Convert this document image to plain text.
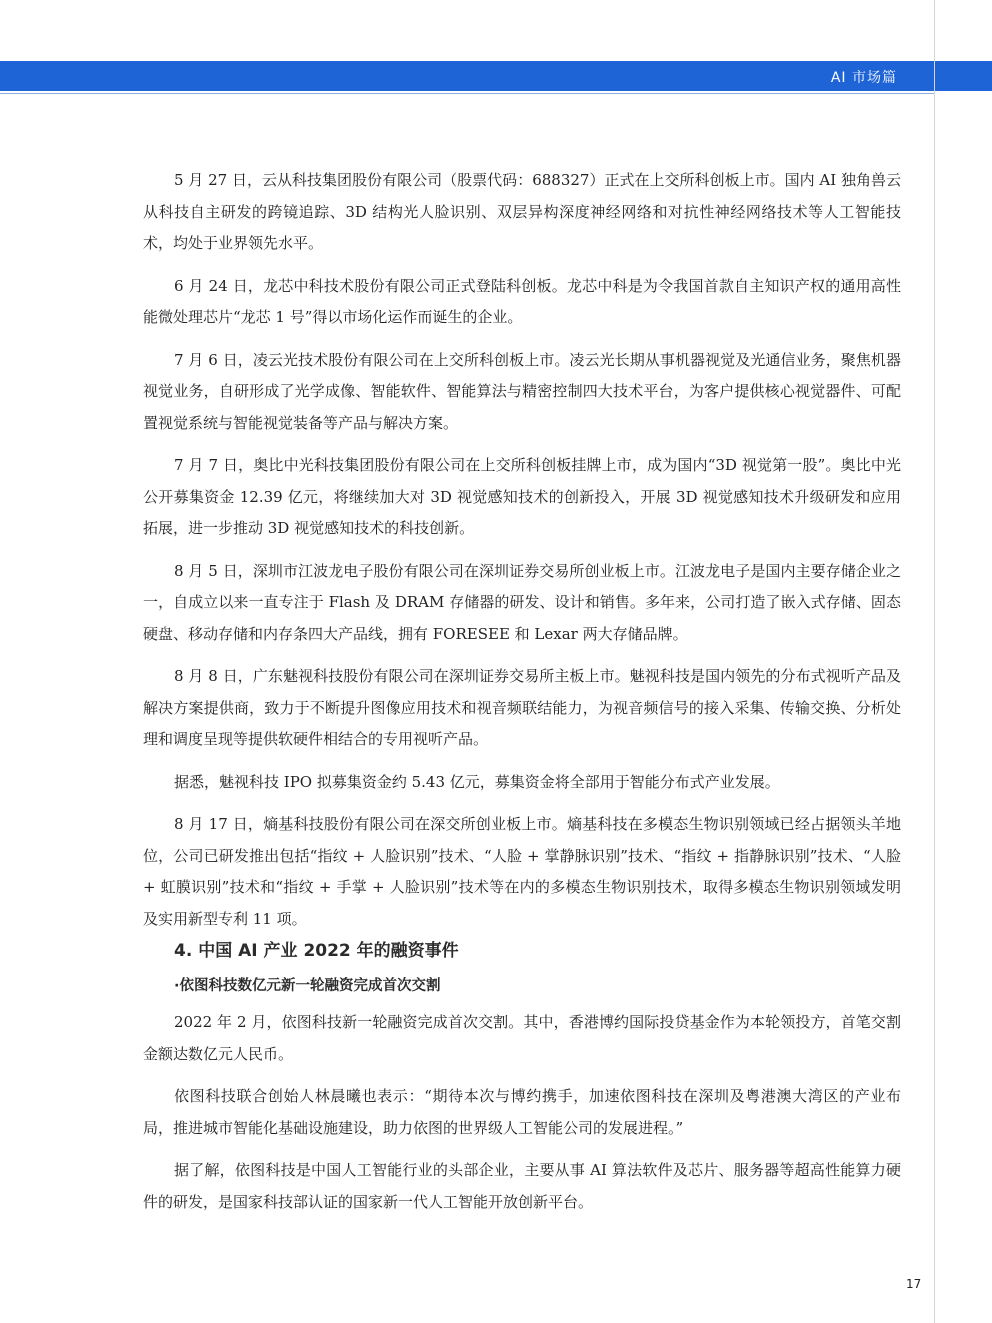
AI 市场篇

5 月 27 日，云从科技集团股份有限公司（股票代码：688327）正式在上交所科创板上市。国内 AI 独角兽云从科技自主研发的跨镜追踪、3D 结构光人脸识别、双层异构深度神经网络和对抗性神经网络技术等人工智能技术，均处于业界领先水平。

6 月 24 日，龙芯中科技术股份有限公司正式登陆科创板。龙芯中科是为令我国首款自主知识产权的通用高性能微处理芯片“龙芯 1 号”得以市场化运作而诞生的企业。

7 月 6 日，凌云光技术股份有限公司在上交所科创板上市。凌云光长期从事机器视觉及光通信业务，聚焦机器视觉业务，自研形成了光学成像、智能软件、智能算法与精密控制四大技术平台，为客户提供核心视觉器件、可配置视觉系统与智能视觉装备等产品与解决方案。

7 月 7 日，奥比中光科技集团股份有限公司在上交所科创板挂牌上市，成为国内“3D 视觉第一股”。奥比中光公开募集资金 12.39 亿元，将继续加大对 3D 视觉感知技术的创新投入，开展 3D 视觉感知技术升级研发和应用拓展，进一步推动 3D 视觉感知技术的科技创新。

8 月 5 日，深圳市江波龙电子股份有限公司在深圳证券交易所创业板上市。江波龙电子是国内主要存储企业之一，自成立以来一直专注于 Flash 及 DRAM 存储器的研发、设计和销售。多年来，公司打造了嵌入式存储、固态硬盘、移动存储和内存条四大产品线，拥有 FORESEE 和 Lexar 两大存储品牌。

8 月 8 日，广东魅视科技股份有限公司在深圳证券交易所主板上市。魅视科技是国内领先的分布式视听产品及解决方案提供商，致力于不断提升图像应用技术和视音频联结能力，为视音频信号的接入采集、传输交换、分析处理和调度呈现等提供软硬件相结合的专用视听产品。

据悉，魅视科技 IPO 拟募集资金约 5.43 亿元，募集资金将全部用于智能分布式产业发展。

8 月 17 日，熵基科技股份有限公司在深交所创业板上市。熵基科技在多模态生物识别领域已经占据领头羊地位，公司已研发推出包括“指纹 + 人脸识别”技术、“人脸 + 掌静脉识别”技术、“指纹 + 指静脉识别”技术、“人脸 + 虹膜识别”技术和“指纹 + 手掌 + 人脸识别”技术等在内的多模态生物识别技术，取得多模态生物识别领域发明及实用新型专利 11 项。

4. 中国 AI 产业 2022 年的融资事件
·依图科技数亿元新一轮融资完成首次交割

2022 年 2 月，依图科技新一轮融资完成首次交割。其中，香港博约国际投贷基金作为本轮领投方，首笔交割金额达数亿元人民币。

依图科技联合创始人林晨曦也表示：“期待本次与博约携手，加速依图科技在深圳及粤港澳大湾区的产业布局，推进城市智能化基础设施建设，助力依图的世界级人工智能公司的发展进程。”

据了解，依图科技是中国人工智能行业的头部企业，主要从事 AI 算法软件及芯片、服务器等超高性能算力硬件的研发，是国家科技部认证的国家新一代人工智能开放创新平台。

17
